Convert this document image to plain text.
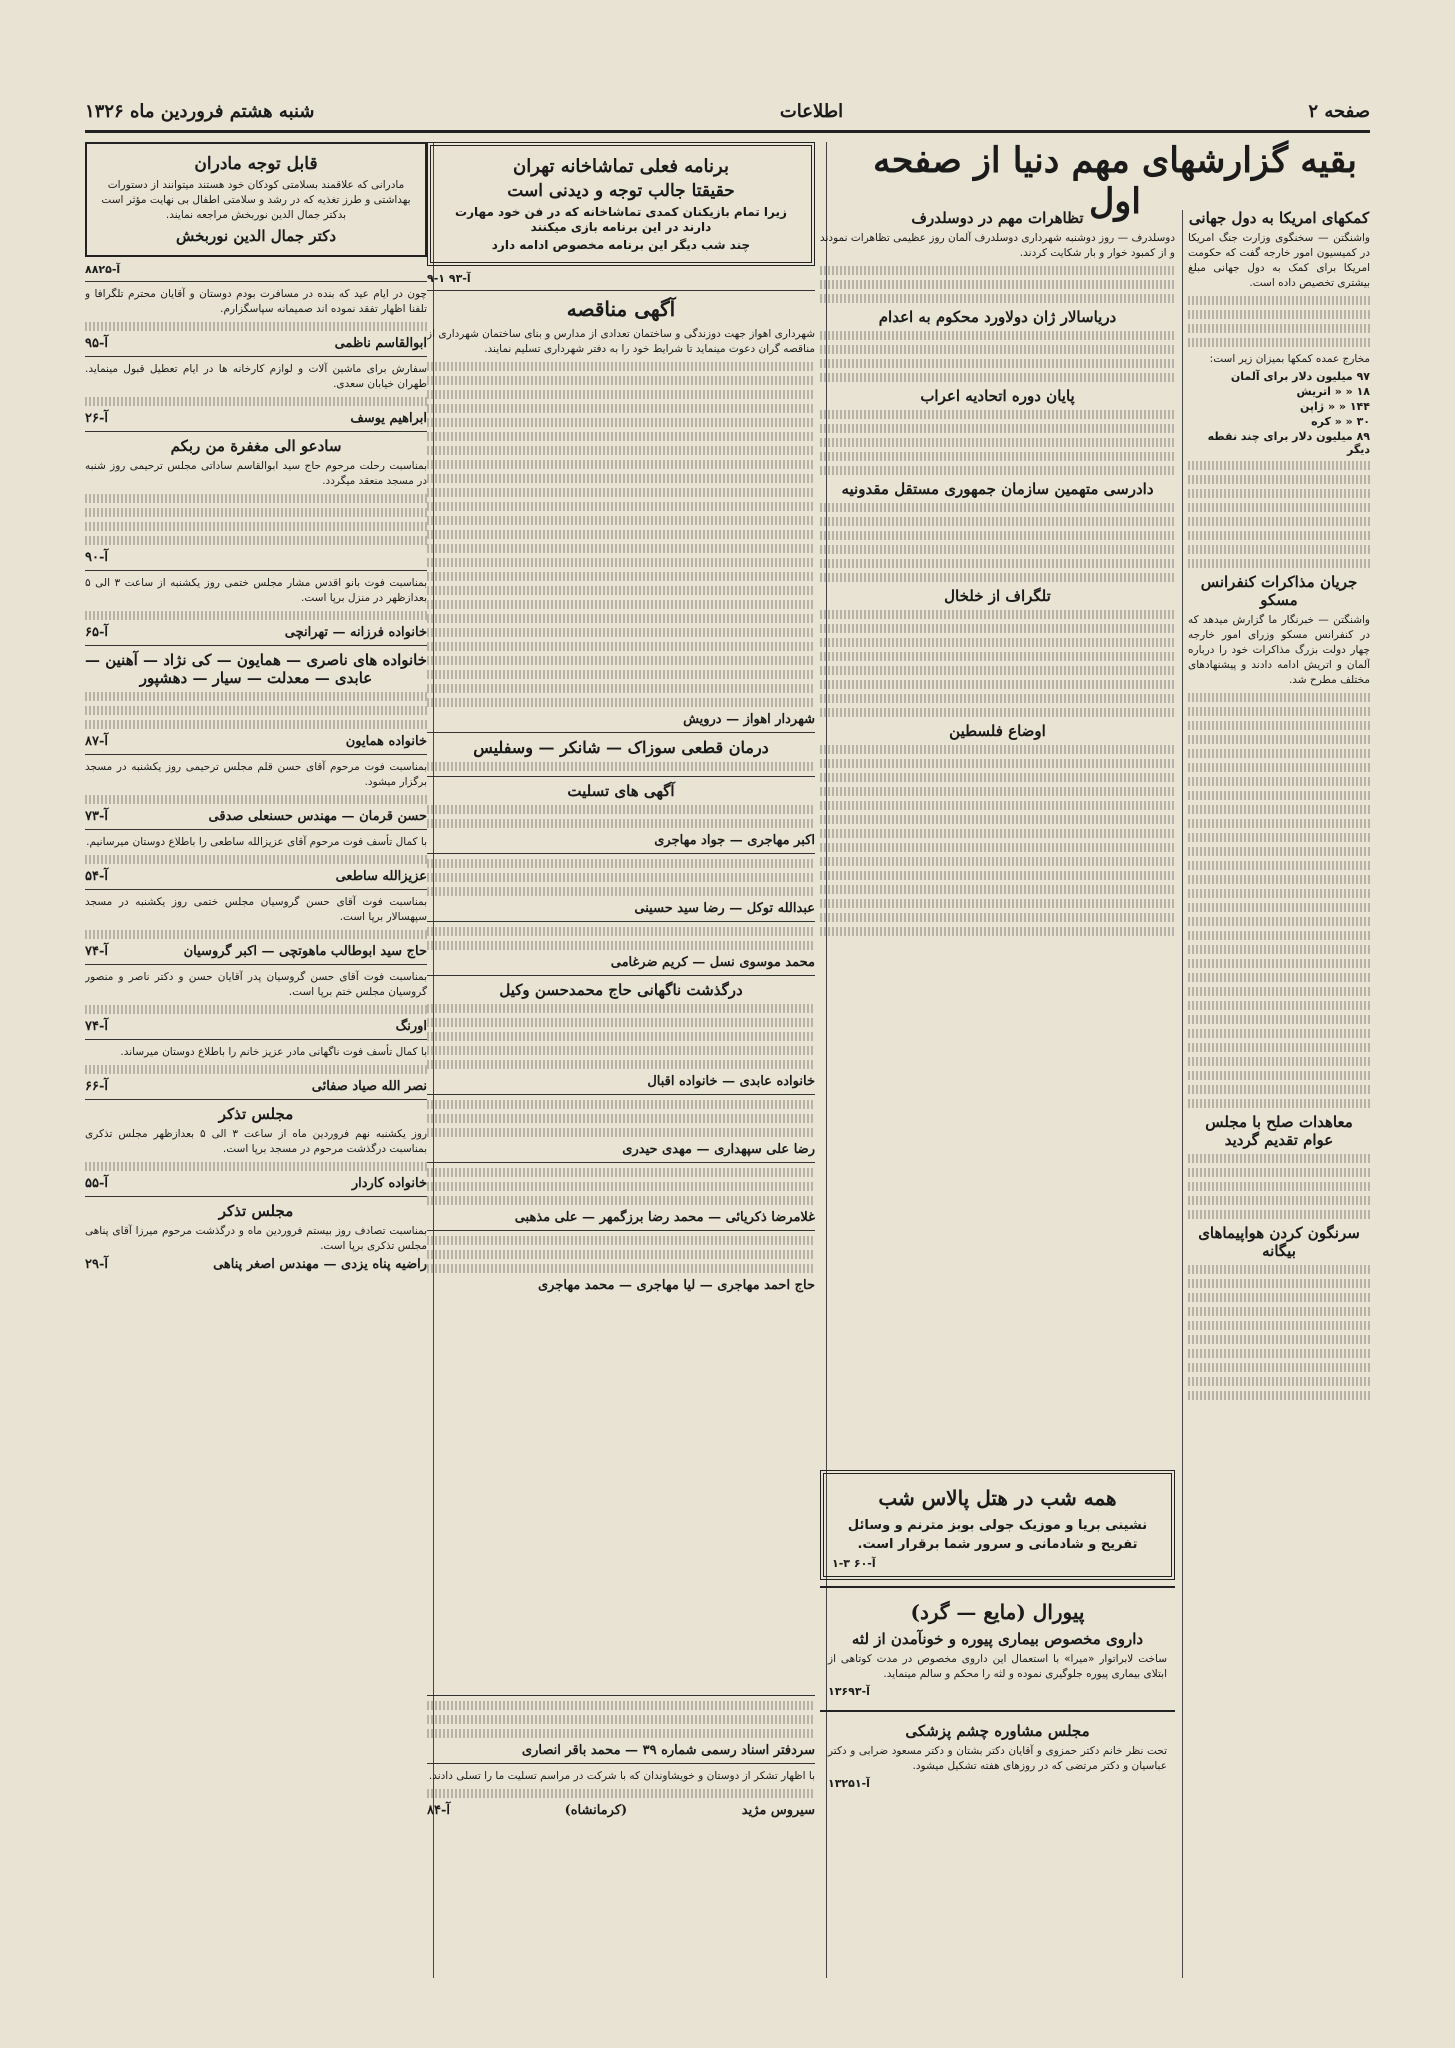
صفحه ۲
اطلاعات
شنبه هشتم فروردین ماه ۱۳۲۶
بقیه گزارشهای مهم دنیا از صفحه اول	کمکهای امریکا به دول جهانی

واشنگتن — سخنگوی وزارت جنگ امریکا در کمیسیون امور خارجه گفت که حکومت امریکا برای کمک به دول جهانی مبلغ بیشتری تخصیص داده است.

مخارج عمده کمکها بمیزان زیر است:

۹۷ میلیون دلار برای آلمان
۱۸ « « اتریش
۱۴۴ « « ژاپن
۳۰ « « کره
۸۹ میلیون دلار برای چند نقطه دیگر
جریان مذاکرات کنفرانس مسکو

واشنگتن — خبرنگار ما گزارش میدهد که در کنفرانس مسکو وزرای امور خارجه چهار دولت بزرگ مذاکرات خود را درباره آلمان و اتریش ادامه دادند و پیشنهادهای مختلف مطرح شد.

معاهدات صلح با مجلس عوام تقدیم گردید
سرنگون کردن هواپیماهای بیگانه
تظاهرات مهم در دوسلدرف

دوسلدرف — روز دوشنبه شهرداری دوسلدرف آلمان روز عظیمی تظاهرات نمودند و از کمبود خوار و بار شکایت کردند.

دریاسالار ژان دولاورد محکوم به اعدام
پایان دوره اتحادیه اعراب
دادرسی متهمین سازمان جمهوری مستقل مقدونیه
تلگراف از خلخال
اوضاع فلسطین
همه شب در هتل پالاس شب

نشینی بریا و موزیک جولی بوبز مترنم و وسائل تفریح و شادمانی و سرور شما برقرار است.

آ-۶۰ ۳-۱
پیورال (مایع — گرد)
داروی مخصوص بیماری پیوره و خونآمدن از لثه

ساخت لابراتوار «میرا» با استعمال این داروی مخصوص در مدت کوتاهی از ابتلای بیماری پیوره جلوگیری نموده و لثه را محکم و سالم مینماید.

آ-۱۳۶۹۳
مجلس مشاوره چشم پزشکی

تحت نظر خانم دکتر حمزوی و آقایان دکتر بشتان و دکتر مسعود ضرابی و دکتر عباسیان و دکتر مرتضی که در روزهای هفته تشکیل میشود.

آ-۱۳۲۵۱
برنامه فعلی تماشاخانه تهران
حقیقتا جالب توجه و دیدنی است

زیرا تمام بازیکنان کمدی تماشاخانه که در فن خود مهارت دارند در این برنامه بازی میکنند

چند شب دیگر این برنامه مخصوص ادامه دارد

آ-۹۳ ۱-۹
آگهی مناقصه

شهرداری اهواز جهت دوزندگی و ساختمان تعدادی از مدارس و بنای ساختمان شهرداری از مناقصه گران دعوت مینماید تا شرایط خود را به دفتر شهرداری تسلیم نمایند.

شهردار اهواز — درویش
درمان قطعی سوزاک — شانکر — وسفلیس
آگهی های تسلیت
اکبر مهاجری — جواد مهاجری
عبدالله توکل — رضا سید حسینی
محمد موسوی نسل — کریم ضرغامی
درگذشت ناگهانی حاج محمدحسن وکیل
خانواده عابدی — خانواده اقبال
رضا علی سپهداری — مهدی حیدری
غلامرضا ذکریائی — محمد رضا برزگمهر — علی مذهبی
حاج احمد مهاجری — لیا مهاجری — محمد مهاجری
سردفتر اسناد رسمی شماره ۳۹ — محمد باقر انصاری

با اظهار تشکر از دوستان و خویشاوندان که با شرکت در مراسم تسلیت ما را تسلی دادند.

سیروس مژید
(کرمانشاه)
آ-۸۴
قابل توجه مادران

مادرانی که علاقمند بسلامتی کودکان خود هستند میتوانند از دستورات بهداشتی و طرز تغذیه که در رشد و سلامتی اطفال بی نهایت مؤثر است بدکتر جمال الدین نوربخش مراجعه نمایند.

دکتر جمال الدین نوربخش
آ-۸۸۲۵

چون در ایام عید که بنده در مسافرت بودم دوستان و آقایان محترم تلگرافا و تلفنا اظهار تفقد نموده اند صمیمانه سپاسگزارم.

ابوالقاسم ناظمی
آ-۹۵

سفارش برای ماشین آلات و لوازم کارخانه ها در ایام تعطیل قبول مینماید. طهران خیابان سعدی.

ابراهیم یوسف
آ-۲۶
سادعو الی مغفرة من ربکم

بمناسبت رحلت مرحوم حاج سید ابوالقاسم ساداتی مجلس ترحیمی روز شنبه در مسجد منعقد میگردد.

آ-۹۰

بمناسبت فوت بانو اقدس مشار مجلس ختمی روز یکشنبه از ساعت ۳ الی ۵ بعدازظهر در منزل برپا است.

خانواده فرزانه — تهرانچی
آ-۶۵
خانواده های ناصری — همایون — کی نژاد — آهنین — عابدی — معدلت — سیار — دهشپور
خانواده همایون
آ-۸۷

بمناسبت فوت مرحوم آقای حسن قلم مجلس ترحیمی روز یکشنبه در مسجد برگزار میشود.

حسن قرمان — مهندس حسنعلی صدقی
آ-۷۳

با کمال تأسف فوت مرحوم آقای عزیزالله ساطعی را باطلاع دوستان میرسانیم.

عزیزالله ساطعی
آ-۵۴

بمناسبت فوت آقای حسن گروسیان مجلس ختمی روز یکشنبه در مسجد سپهسالار برپا است.

حاج سید ابوطالب ماهوتچی — اکبر گروسیان
آ-۷۴

بمناسبت فوت آقای حسن گروسیان پدر آقایان حسن و دکتر ناصر و منصور گروسیان مجلس ختم برپا است.

اورنگ
آ-۷۴

با کمال تأسف فوت ناگهانی مادر عزیز خانم را باطلاع دوستان میرساند.

نصر الله صیاد صفائی
آ-۶۶
مجلس تذکر

روز یکشنبه نهم فروردین ماه از ساعت ۳ الی ۵ بعدازظهر مجلس تذکری بمناسبت درگذشت مرحوم در مسجد برپا است.

خانواده کاردار
آ-۵۵
مجلس تذکر

بمناسبت تصادف روز بیستم فروردین ماه و درگذشت مرحوم میرزا آقای پناهی مجلس تذکری برپا است.

راضیه پناه یزدی — مهندس اصغر پناهی
آ-۲۹
